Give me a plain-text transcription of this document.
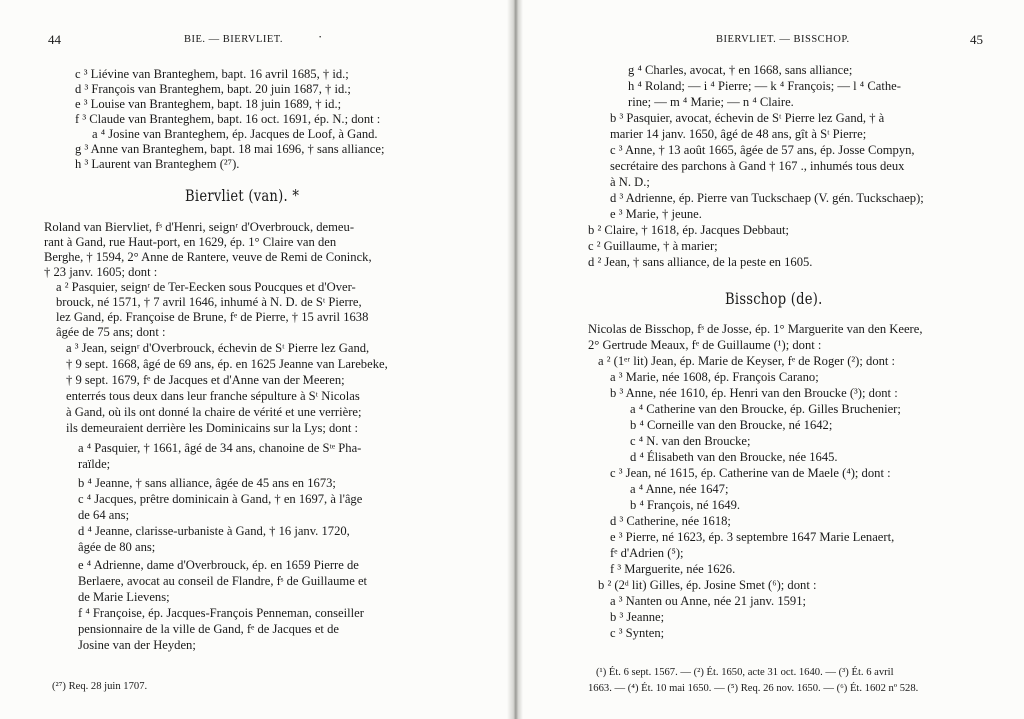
44	BIE. — BIERVLIET.	·
c ³ Liévine van Branteghem, bapt. 16 avril 1685, † id.;
d ³ François van Branteghem, bapt. 20 juin 1687, † id.;
e ³ Louise van Branteghem, bapt. 18 juin 1689, † id.;
f ³ Claude van Branteghem, bapt. 16 oct. 1691, ép. N.; dont :
a ⁴ Josine van Branteghem, ép. Jacques de Loof, à Gand.
g ³ Anne van Branteghem, bapt. 18 mai 1696, † sans alliance;
h ³ Laurent van Branteghem (²⁷).
Biervliet (van). *
Roland van Biervliet, fˢ d'Henri, seignʳ d'Overbrouck, demeu-
rant à Gand, rue Haut-port, en 1629, ép. 1° Claire van den
Berghe, † 1594, 2° Anne de Rantere, veuve de Remi de Coninck,
† 23 janv. 1605; dont :
a ² Pasquier, seignʳ de Ter-Eecken sous Poucques et d'Over-
brouck, né 1571, † 7 avril 1646, inhumé à N. D. de Sᵗ Pierre,
lez Gand, ép. Françoise de Brune, fᵉ de Pierre, † 15 avril 1638
âgée de 75 ans; dont :
a ³ Jean, seignʳ d'Overbrouck, échevin de Sᵗ Pierre lez Gand,
† 9 sept. 1668, âgé de 69 ans, ép. en 1625 Jeanne van Larebeke,
† 9 sept. 1679, fᵉ de Jacques et d'Anne van der Meeren;
enterrés tous deux dans leur franche sépulture à Sᵗ Nicolas
à Gand, où ils ont donné la chaire de vérité et une verrière;
ils demeuraient derrière les Dominicains sur la Lys; dont :
a ⁴ Pasquier, † 1661, âgé de 34 ans, chanoine de Sᵗᵉ Pha-
raïlde;
b ⁴ Jeanne, † sans alliance, âgée de 45 ans en 1673;
c ⁴ Jacques, prêtre dominicain à Gand, † en 1697, à l'âge
de 64 ans;
d ⁴ Jeanne, clarisse-urbaniste à Gand, † 16 janv. 1720,
âgée de 80 ans;
e ⁴ Adrienne, dame d'Overbrouck, ép. en 1659 Pierre de
Berlaere, avocat au conseil de Flandre, fˢ de Guillaume et
de Marie Lievens;
f ⁴ Françoise, ép. Jacques-François Penneman, conseiller
pensionnaire de la ville de Gand, fᵉ de Jacques et de
Josine van der Heyden;
(²⁷) Req. 28 juin 1707.
BIERVLIET. — BISSCHOP.	45
g ⁴ Charles, avocat, † en 1668, sans alliance;
h ⁴ Roland; — i ⁴ Pierre; — k ⁴ François; — l ⁴ Cathe-
rine; — m ⁴ Marie; — n ⁴ Claire.
b ³ Pasquier, avocat, échevin de Sᵗ Pierre lez Gand, † à
marier 14 janv. 1650, âgé de 48 ans, gît à Sᵗ Pierre;
c ³ Anne, † 13 août 1665, âgée de 57 ans, ép. Josse Compyn,
secrétaire des parchons à Gand † 167 ., inhumés tous deux
à N. D.;
d ³ Adrienne, ép. Pierre van Tuckschaep (V. gén. Tuckschaep);
e ³ Marie, † jeune.
b ² Claire, † 1618, ép. Jacques Debbaut;
c ² Guillaume, † à marier;
d ² Jean, † sans alliance, de la peste en 1605.
Bisschop (de).
Nicolas de Bisschop, fˢ de Josse, ép. 1° Marguerite van den Keere,
2° Gertrude Meaux, fᵉ de Guillaume (¹); dont :
a ² (1ᵉʳ lit) Jean, ép. Marie de Keyser, fᵉ de Roger (²); dont :
a ³ Marie, née 1608, ép. François Carano;
b ³ Anne, née 1610, ép. Henri van den Broucke (³); dont :
a ⁴ Catherine van den Broucke, ép. Gilles Bruchenier;
b ⁴ Corneille van den Broucke, né 1642;
c ⁴ N. van den Broucke;
d ⁴ Élisabeth van den Broucke, née 1645.
c ³ Jean, né 1615, ép. Catherine van de Maele (⁴); dont :
a ⁴ Anne, née 1647;
b ⁴ François, né 1649.
d ³ Catherine, née 1618;
e ³ Pierre, né 1623, ép. 3 septembre 1647 Marie Lenaert,
fᵉ d'Adrien (⁵);
f ³ Marguerite, née 1626.
b ² (2ᵈ lit) Gilles, ép. Josine Smet (⁶); dont :
a ³ Nanten ou Anne, née 21 janv. 1591;
b ³ Jeanne;
c ³ Synten;
(¹) Ét. 6 sept. 1567. — (²) Ét. 1650, acte 31 oct. 1640. — (³) Ét. 6 avril
1663. — (⁴) Ét. 10 mai 1650. — (⁵) Req. 26 nov. 1650. — (⁶) Ét. 1602 nº 528.
